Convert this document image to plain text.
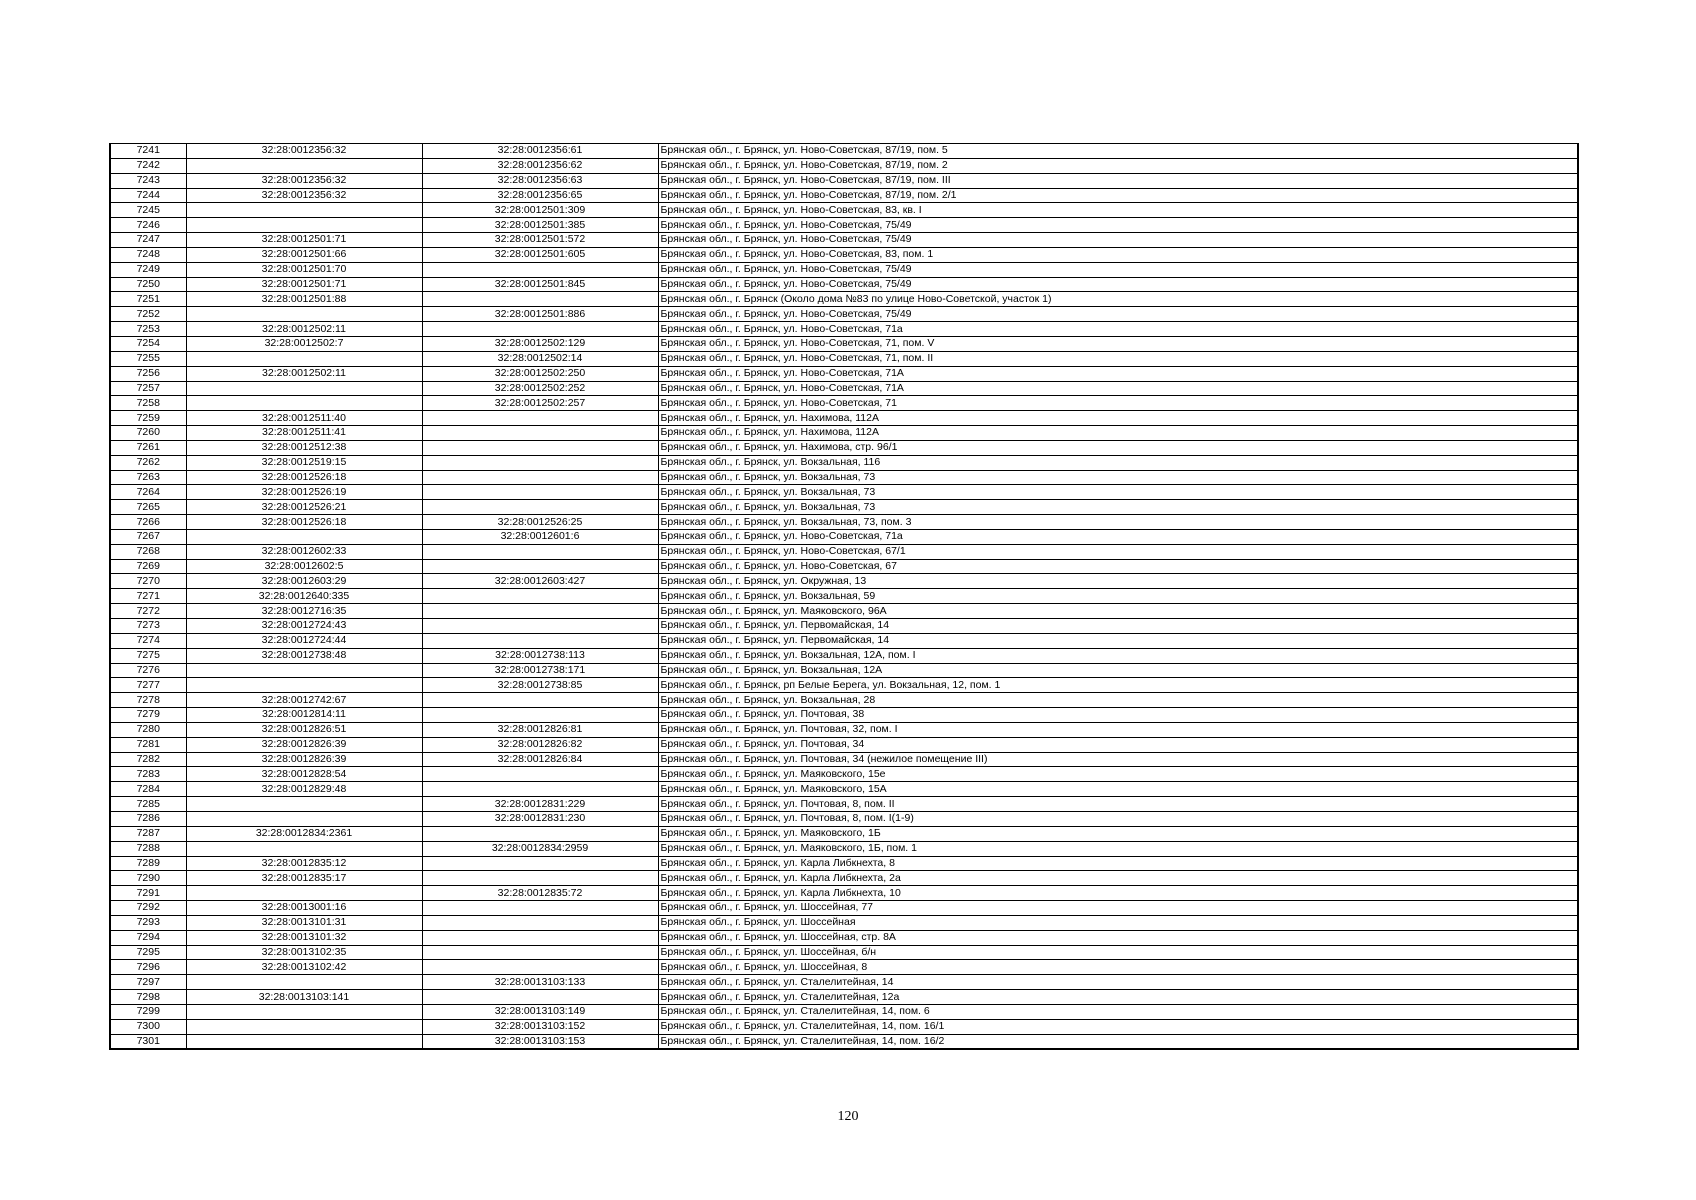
7241	32:28:0012356:32	32:28:0012356:61	Брянская обл., г. Брянск, ул. Ново-Советская, 87/19, пом. 5
7242		32:28:0012356:62	Брянская обл., г. Брянск, ул. Ново-Советская, 87/19, пом. 2
7243	32:28:0012356:32	32:28:0012356:63	Брянская обл., г. Брянск, ул. Ново-Советская, 87/19, пом. III
7244	32:28:0012356:32	32:28:0012356:65	Брянская обл., г. Брянск, ул. Ново-Советская, 87/19, пом. 2/1
7245		32:28:0012501:309	Брянская обл., г. Брянск, ул. Ново-Советская, 83, кв. I
7246		32:28:0012501:385	Брянская обл., г. Брянск, ул. Ново-Советская, 75/49
7247	32:28:0012501:71	32:28:0012501:572	Брянская обл., г. Брянск, ул. Ново-Советская, 75/49
7248	32:28:0012501:66	32:28:0012501:605	Брянская обл., г. Брянск, ул. Ново-Советская, 83, пом. 1
7249	32:28:0012501:70		Брянская обл., г. Брянск, ул. Ново-Советская, 75/49
7250	32:28:0012501:71	32:28:0012501:845	Брянская обл., г. Брянск, ул. Ново-Советская, 75/49
7251	32:28:0012501:88		Брянская обл., г. Брянск (Около дома №83 по улице Ново-Советской, участок 1)
7252		32:28:0012501:886	Брянская обл., г. Брянск, ул. Ново-Советская, 75/49
7253	32:28:0012502:11		Брянская обл., г. Брянск, ул. Ново-Советская, 71а
7254	32:28:0012502:7	32:28:0012502:129	Брянская обл., г. Брянск, ул. Ново-Советская, 71, пом. V
7255		32:28:0012502:14	Брянская обл., г. Брянск, ул. Ново-Советская, 71, пом. II
7256	32:28:0012502:11	32:28:0012502:250	Брянская обл., г. Брянск, ул. Ново-Советская, 71А
7257		32:28:0012502:252	Брянская обл., г. Брянск, ул. Ново-Советская, 71А
7258		32:28:0012502:257	Брянская обл., г. Брянск, ул. Ново-Советская, 71
7259	32:28:0012511:40		Брянская обл., г. Брянск, ул. Нахимова, 112А
7260	32:28:0012511:41		Брянская обл., г. Брянск, ул. Нахимова, 112А
7261	32:28:0012512:38		Брянская обл., г. Брянск, ул. Нахимова, стр. 96/1
7262	32:28:0012519:15		Брянская обл., г. Брянск, ул. Вокзальная, 116
7263	32:28:0012526:18		Брянская обл., г. Брянск, ул. Вокзальная, 73
7264	32:28:0012526:19		Брянская обл., г. Брянск, ул. Вокзальная, 73
7265	32:28:0012526:21		Брянская обл., г. Брянск, ул. Вокзальная, 73
7266	32:28:0012526:18	32:28:0012526:25	Брянская обл., г. Брянск, ул. Вокзальная, 73, пом. 3
7267		32:28:0012601:6	Брянская обл., г. Брянск, ул. Ново-Советская, 71а
7268	32:28:0012602:33		Брянская обл., г. Брянск, ул. Ново-Советская, 67/1
7269	32:28:0012602:5		Брянская обл., г. Брянск, ул. Ново-Советская, 67
7270	32:28:0012603:29	32:28:0012603:427	Брянская обл., г. Брянск, ул. Окружная, 13
7271	32:28:0012640:335		Брянская обл., г. Брянск, ул. Вокзальная, 59
7272	32:28:0012716:35		Брянская обл., г. Брянск, ул. Маяковского, 96А
7273	32:28:0012724:43		Брянская обл., г. Брянск, ул. Первомайская, 14
7274	32:28:0012724:44		Брянская обл., г. Брянск, ул. Первомайская, 14
7275	32:28:0012738:48	32:28:0012738:113	Брянская обл., г. Брянск, ул. Вокзальная, 12А, пом. I
7276		32:28:0012738:171	Брянская обл., г. Брянск, ул. Вокзальная, 12А
7277		32:28:0012738:85	Брянская обл., г. Брянск, рп Белые Берега, ул. Вокзальная, 12, пом. 1
7278	32:28:0012742:67		Брянская обл., г. Брянск, ул. Вокзальная, 28
7279	32:28:0012814:11		Брянская обл., г. Брянск, ул. Почтовая, 38
7280	32:28:0012826:51	32:28:0012826:81	Брянская обл., г. Брянск, ул. Почтовая, 32, пом. I
7281	32:28:0012826:39	32:28:0012826:82	Брянская обл., г. Брянск, ул. Почтовая, 34
7282	32:28:0012826:39	32:28:0012826:84	Брянская обл., г. Брянск, ул. Почтовая, 34 (нежилое помещение III)
7283	32:28:0012828:54		Брянская обл., г. Брянск, ул. Маяковского, 15е
7284	32:28:0012829:48		Брянская обл., г. Брянск, ул. Маяковского, 15А
7285		32:28:0012831:229	Брянская обл., г. Брянск, ул. Почтовая, 8, пом. II
7286		32:28:0012831:230	Брянская обл., г. Брянск, ул. Почтовая, 8, пом. I(1-9)
7287	32:28:0012834:2361		Брянская обл., г. Брянск, ул. Маяковского, 1Б
7288		32:28:0012834:2959	Брянская обл., г. Брянск, ул. Маяковского, 1Б, пом. 1
7289	32:28:0012835:12		Брянская обл., г. Брянск, ул. Карла Либкнехта, 8
7290	32:28:0012835:17		Брянская обл., г. Брянск, ул. Карла Либкнехта, 2а
7291		32:28:0012835:72	Брянская обл., г. Брянск, ул. Карла Либкнехта, 10
7292	32:28:0013001:16		Брянская обл., г. Брянск, ул. Шоссейная, 77
7293	32:28:0013101:31		Брянская обл., г. Брянск, ул. Шоссейная
7294	32:28:0013101:32		Брянская обл., г. Брянск, ул. Шоссейная, стр. 8А
7295	32:28:0013102:35		Брянская обл., г. Брянск, ул. Шоссейная, б/н
7296	32:28:0013102:42		Брянская обл., г. Брянск, ул. Шоссейная, 8
7297		32:28:0013103:133	Брянская обл., г. Брянск, ул. Сталелитейная, 14
7298	32:28:0013103:141		Брянская обл., г. Брянск, ул. Сталелитейная, 12а
7299		32:28:0013103:149	Брянская обл., г. Брянск, ул. Сталелитейная, 14, пом. 6
7300		32:28:0013103:152	Брянская обл., г. Брянск, ул. Сталелитейная, 14, пом. 16/1
7301		32:28:0013103:153	Брянская обл., г. Брянск, ул. Сталелитейная, 14, пом. 16/2
120
